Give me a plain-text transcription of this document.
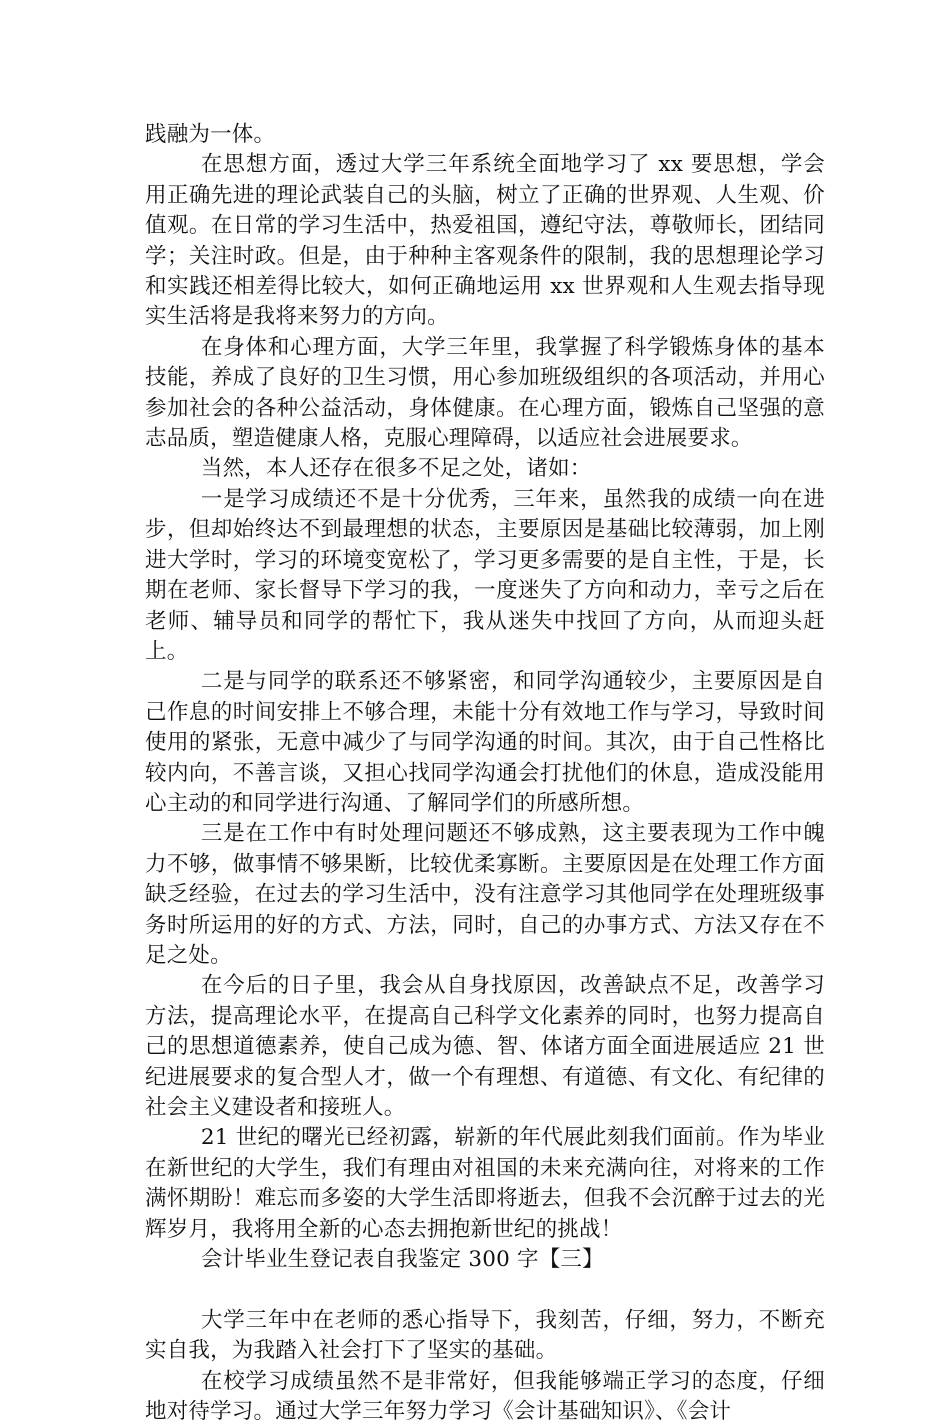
践融为一体。

在思想方面，透过大学三年系统全面地学习了 xx 要思想，学会用正确先进的理论武装自己的头脑，树立了正确的世界观、人生观、价值观。在日常的学习生活中，热爱祖国，遵纪守法，尊敬师长，团结同学；关注时政。但是，由于种种主客观条件的限制，我的思想理论学习和实践还相差得比较大，如何正确地运用 xx 世界观和人生观去指导现实生活将是我将来努力的方向。

在身体和心理方面，大学三年里，我掌握了科学锻炼身体的基本技能，养成了良好的卫生习惯，用心参加班级组织的各项活动，并用心参加社会的各种公益活动，身体健康。在心理方面，锻炼自己坚强的意志品质，塑造健康人格，克服心理障碍，以适应社会进展要求。

当然，本人还存在很多不足之处，诸如：

一是学习成绩还不是十分优秀，三年来，虽然我的成绩一向在进步，但却始终达不到最理想的状态，主要原因是基础比较薄弱，加上刚进大学时，学习的环境变宽松了，学习更多需要的是自主性，于是，长期在老师、家长督导下学习的我，一度迷失了方向和动力，幸亏之后在老师、辅导员和同学的帮忙下，我从迷失中找回了方向，从而迎头赶上。

二是与同学的联系还不够紧密，和同学沟通较少，主要原因是自己作息的时间安排上不够合理，未能十分有效地工作与学习，导致时间使用的紧张，无意中减少了与同学沟通的时间。其次，由于自己性格比较内向，不善言谈，又担心找同学沟通会打扰他们的休息，造成没能用心主动的和同学进行沟通、了解同学们的所感所想。

三是在工作中有时处理问题还不够成熟，这主要表现为工作中魄力不够，做事情不够果断，比较优柔寡断。主要原因是在处理工作方面缺乏经验，在过去的学习生活中，没有注意学习其他同学在处理班级事务时所运用的好的方式、方法，同时，自己的办事方式、方法又存在不足之处。

在今后的日子里，我会从自身找原因，改善缺点不足，改善学习方法，提高理论水平，在提高自己科学文化素养的同时，也努力提高自己的思想道德素养，使自己成为德、智、体诸方面全面进展适应 21 世纪进展要求的复合型人才，做一个有理想、有道德、有文化、有纪律的社会主义建设者和接班人。

21 世纪的曙光已经初露，崭新的年代展此刻我们面前。作为毕业在新世纪的大学生，我们有理由对祖国的未来充满向往，对将来的工作满怀期盼！难忘而多姿的大学生活即将逝去，但我不会沉醉于过去的光辉岁月，我将用全新的心态去拥抱新世纪的挑战！

会计毕业生登记表自我鉴定 300 字【三】

大学三年中在老师的悉心指导下，我刻苦，仔细，努力，不断充实自我，为我踏入社会打下了坚实的基础。

在校学习成绩虽然不是非常好，但我能够端正学习的态度，仔细地对待学习。通过大学三年努力学习《会计基础知识》、《会计
